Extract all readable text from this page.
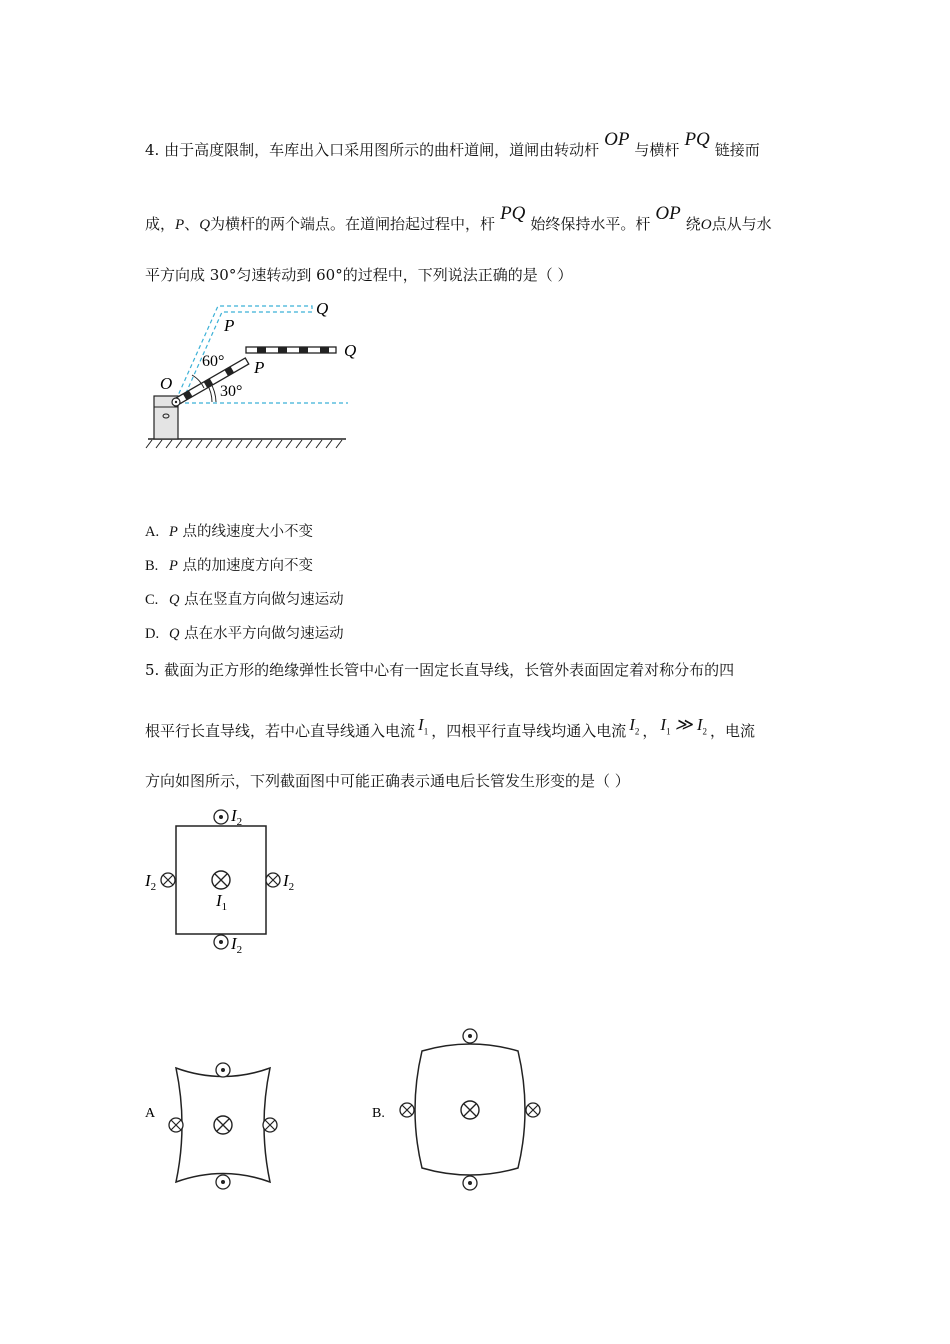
4. 由于高度限制，车库出入口采用图所示的曲杆道闸，道闸由转动杆 OP 与横杆 PQ 链接而
成，P、Q为横杆的两个端点。在道闸抬起过程中，杆 PQ 始终保持水平。杆 OP 绕O点从与水
平方向成 30°匀速转动到 60°的过程中，下列说法正确的是（ ）
Q
P
Q
P
O
60°
30°
A. P 点的线速度大小不变
B. P 点的加速度方向不变
C. Q 点在竖直方向做匀速运动
D. Q 点在水平方向做匀速运动
5. 截面为正方形的绝缘弹性长管中心有一固定长直导线，长管外表面固定着对称分布的四
根平行长直导线，若中心直导线通入电流 $I_1$ ，四根平行直导线均通入电流 $I_2$ ， $I_1$ ≫ $I_2$ ，电流
方向如图所示，下列截面图中可能正确表示通电后长管发生形变的是（ ）
$I_2$
$I_2$
$I_2$	$I_2$
$I_1$
A	B.
